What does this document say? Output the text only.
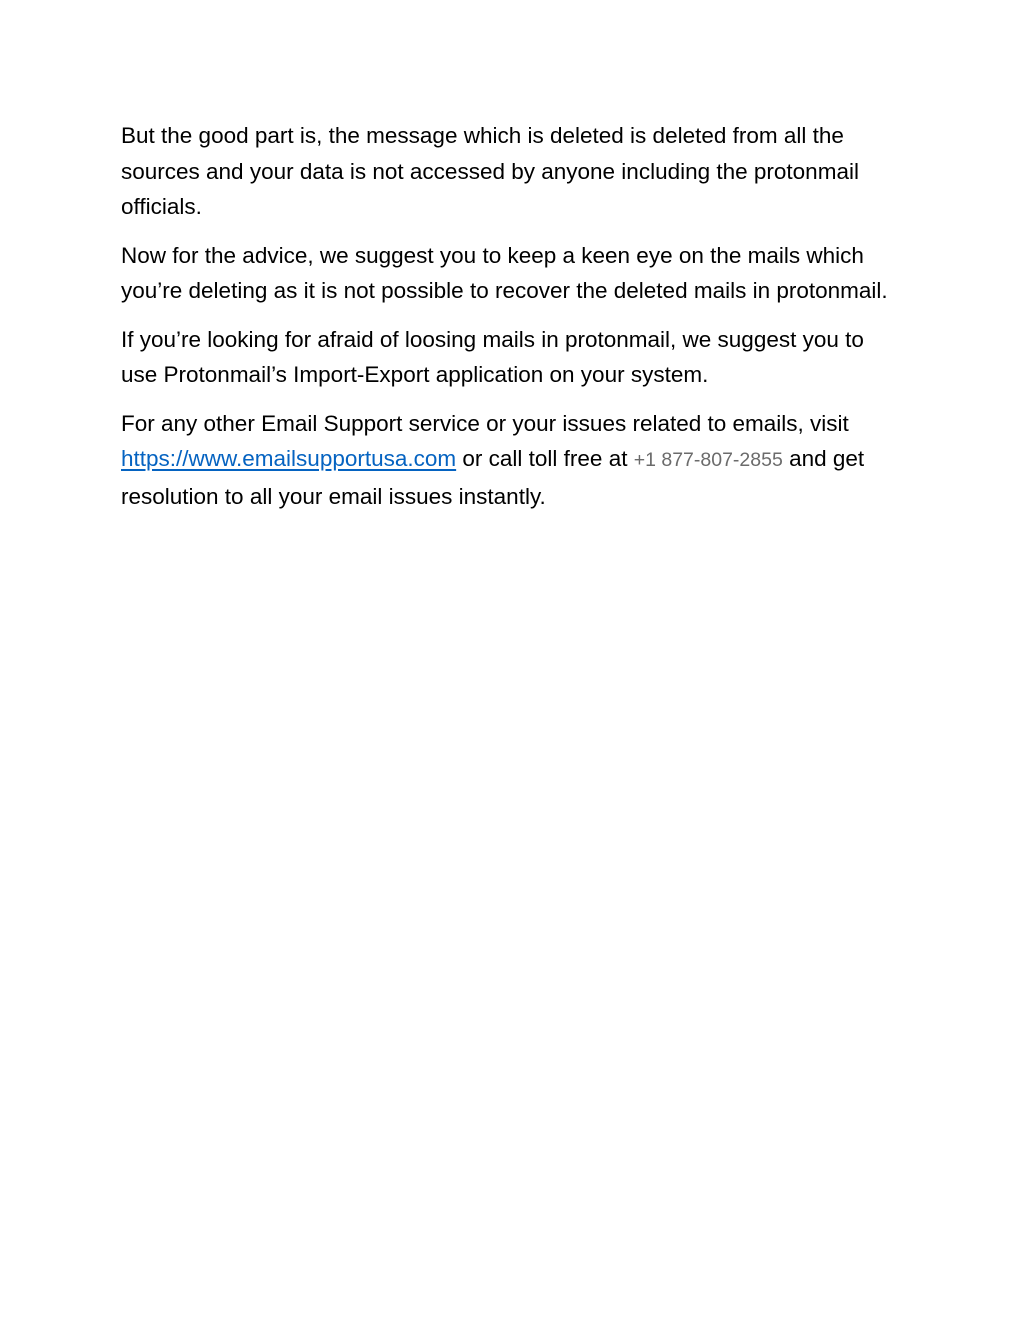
But the good part is, the message which is deleted is deleted from all the sources and your data is not accessed by anyone including the protonmail officials.

Now for the advice, we suggest you to keep a keen eye on the mails which you’re deleting as it is not possible to recover the deleted mails in protonmail.

If you’re looking for afraid of loosing mails in protonmail, we suggest you to use Protonmail’s Import-Export application on your system.

For any other Email Support service or your issues related to emails, visit https://www.emailsupportusa.com or call toll free at +1 877-807-2855 and get resolution to all your email issues instantly.
